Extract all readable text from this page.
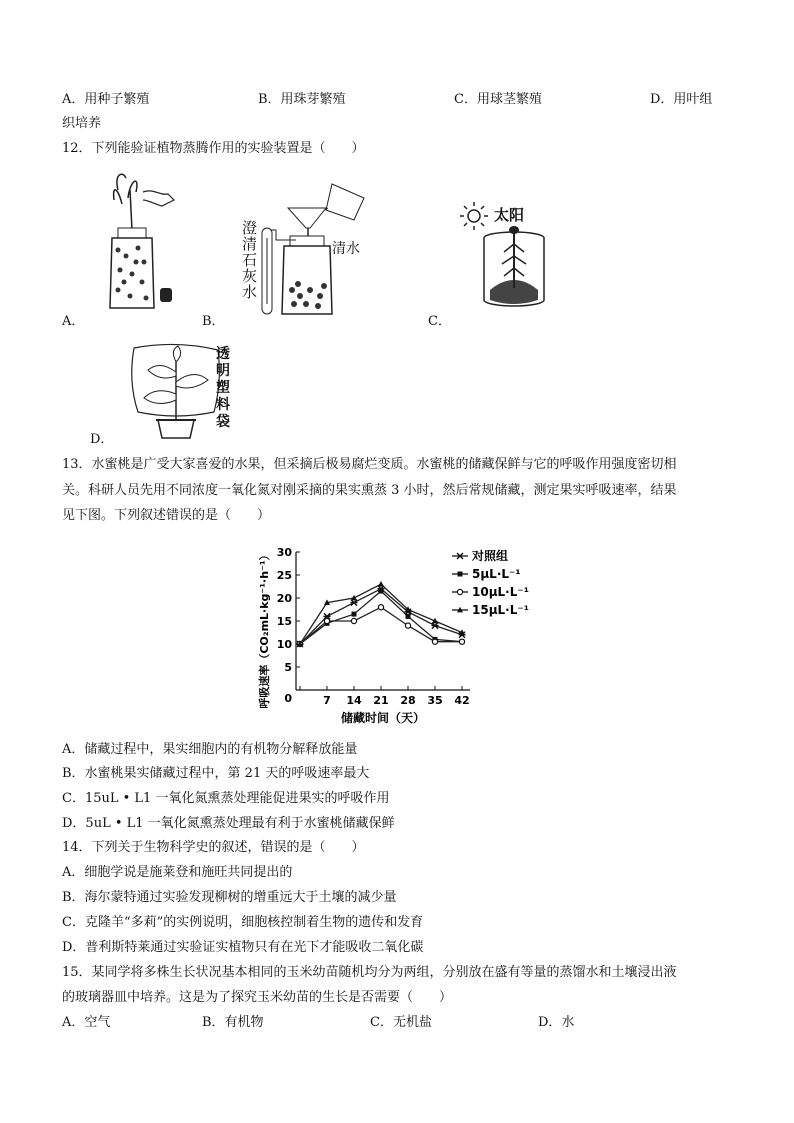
A．用种子繁殖	B．用珠芽繁殖	C．用球茎繁殖	D．用叶组
织培养
12．下列能验证植物蒸腾作用的实验装置是（　　）
A．
澄
清
石
灰
水
清水
B．
太阳
C．
透
明
塑
料
袋
D．
13．水蜜桃是广受大家喜爱的水果，但采摘后极易腐烂变质。水蜜桃的储藏保鲜与它的呼吸作用强度密切相
关。科研人员先用不同浓度一氧化氮对刚采摘的果实熏蒸 3 小时，然后常规储藏，测定果实呼吸速率，结果
见下图。下列叙述错误的是（　　）
5
10
15
20
25
30
0	7 14 21 28 35 42
储藏时间（天）
呼吸速率（CO₂mL·kg⁻¹·h⁻¹）	对照组
5μL·L⁻¹
10μL·L⁻¹
15μL·L⁻¹
A．储藏过程中，果实细胞内的有机物分解释放能量
B．水蜜桃果实储藏过程中，第 21 天的呼吸速率最大
C．15uL • L1 一氧化氮熏蒸处理能促进果实的呼吸作用
D．5uL • L1 一氧化氮熏蒸处理最有利于水蜜桃储藏保鲜
14．下列关于生物科学史的叙述，错误的是（　　）
A．细胞学说是施莱登和施旺共同提出的
B．海尔蒙特通过实验发现柳树的增重远大于土壤的减少量
C．克隆羊“多莉”的实例说明，细胞核控制着生物的遗传和发育
D．普利斯特莱通过实验证实植物只有在光下才能吸收二氧化碳
15．某同学将多株生长状况基本相同的玉米幼苗随机均分为两组，分别放在盛有等量的蒸馏水和土壤浸出液
的玻璃器皿中培养。这是为了探究玉米幼苗的生长是否需要（　　）
A．空气	B．有机物	C．无机盐	D．水
